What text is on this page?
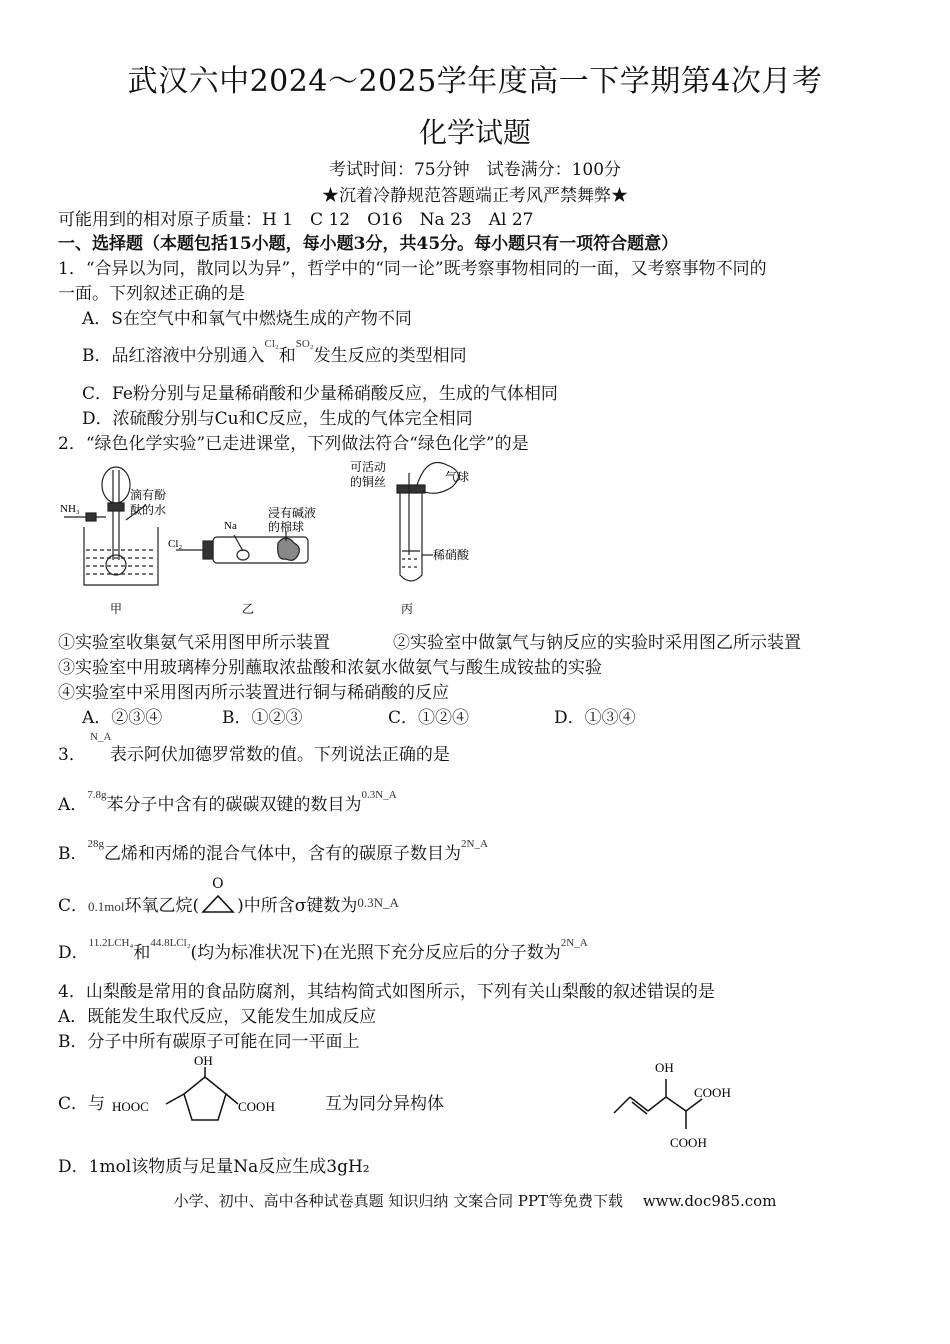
武汉六中2024～2025学年度高一下学期第4次月考
化学试题
考试时间：75分钟　试卷满分：100分
★沉着冷静规范答题端正考风严禁舞弊★
可能用到的相对原子质量：H 1　C 12　O16　Na 23　Al 27
一、选择题（本题包括15小题，每小题3分，共45分。每小题只有一项符合题意）
1．“合异以为同，散同以为异”，哲学中的“同一论”既考察事物相同的一面，又考察事物不同的
一面。下列叙述正确的是
A．S在空气中和氧气中燃烧生成的产物不同
B．品红溶液中分别通入$^{Cl_2}$和$^{SO_2}$发生反应的类型相同
C．Fe粉分别与足量稀硝酸和少量稀硝酸反应，生成的气体相同
D．浓硫酸分别与Cu和C反应，生成的气体完全相同
2．“绿色化学实验”已走进课堂，下列做法符合“绿色化学”的是
NH₃
滴有酚
酞的水
Na
Cl₂
浸有碱液
的棉球
甲	乙
可活动
的铜丝	气球
稀硝酸
丙
①实验室收集氨气采用图甲所示装置	②实验室中做氯气与钠反应的实验时采用图乙所示装置
③实验室中用玻璃棒分别蘸取浓盐酸和浓氨水做氨气与酸生成铵盐的实验
④实验室中采用图丙所示装置进行铜与稀硝酸的反应
A．②③④	B．①②③	C．①②④	D．①③④
N_A
3． 表示阿伏加德罗常数的值。下列说法正确的是
A．$^{7.8g}$苯分子中含有的碳碳双键的数目为$^{0.3N\_A}$
B．$^{28g}$乙烯和丙烯的混合气体中，含有的碳原子数目为$^{2N\_A}$
C．0.1mol环氧乙烷(
O
)中所含σ键数为$^{0.3N\_A}$
D．$^{11.2LCH_4}$和$^{44.8LCl_2}$(均为标准状况下)在光照下充分反应后的分子数为$^{2N\_A}$
4．山梨酸是常用的食品防腐剂，其结构简式如图所示，下列有关山梨酸的叙述错误的是
A．既能发生取代反应，又能发生加成反应
B．分子中所有碳原子可能在同一平面上
C．与
OH
HOOC	COOH	互为同分异构体
OH
COOH
COOH
D．1mol该物质与足量Na反应生成3gH₂
小学、初中、高中各种试卷真题 知识归纳 文案合同 PPT等免费下载　 www.doc985.com
